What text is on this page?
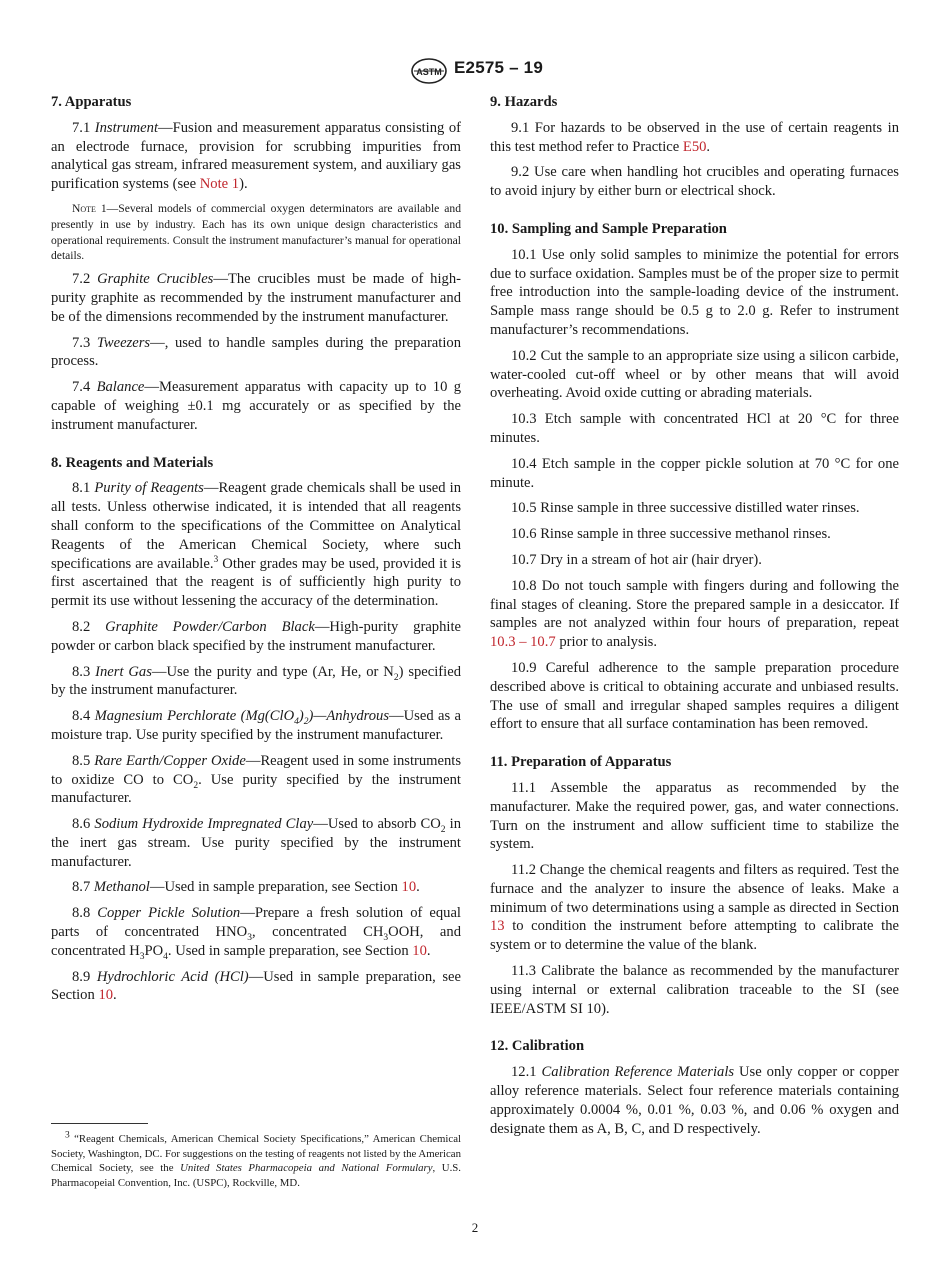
ASTM E2575 – 19
7. Apparatus

7.1 Instrument—Fusion and measurement apparatus consisting of an electrode furnace, provision for scrubbing impurities from analytical gas stream, infrared measurement system, and auxiliary gas purification systems (see Note 1).

Note 1—Several models of commercial oxygen determinators are available and presently in use by industry. Each has its own unique design characteristics and operational requirements. Consult the instrument manufacturer’s manual for operational details.

7.2 Graphite Crucibles—The crucibles must be made of high-purity graphite as recommended by the instrument manufacturer and be of the dimensions recommended by the instrument manufacturer.

7.3 Tweezers—, used to handle samples during the preparation process.

7.4 Balance—Measurement apparatus with capacity up to 10 g capable of weighing ±0.1 mg accurately or as specified by the instrument manufacturer.

8. Reagents and Materials

8.1 Purity of Reagents—Reagent grade chemicals shall be used in all tests. Unless otherwise indicated, it is intended that all reagents shall conform to the specifications of the Committee on Analytical Reagents of the American Chemical Society, where such specifications are available.$^3$ Other grades may be used, provided it is first ascertained that the reagent is of sufficiently high purity to permit its use without lessening the accuracy of the determination.

8.2 Graphite Powder/Carbon Black—High-purity graphite powder or carbon black specified by the instrument manufacturer.

8.3 Inert Gas—Use the purity and type (Ar, He, or $N_2$) specified by the instrument manufacturer.

8.4 Magnesium Perchlorate $(Mg(ClO_4)_2)—Anhydrous—Used$ as a moisture trap. Use purity specified by the instrument manufacturer.

8.5 Rare Earth/Copper Oxide—Reagent used in some instruments to oxidize CO to $CO_2$. Use purity specified by the instrument manufacturer.

8.6 Sodium Hydroxide Impregnated Clay—Used to absorb $CO_2$ in the inert gas stream. Use purity specified by the instrument manufacturer.

8.7 Methanol—Used in sample preparation, see Section 10.

8.8 Copper Pickle Solution—Prepare a fresh solution of equal parts of concentrated $HNO_3$, concentrated $CH_3OOH$, and concentrated $H_3PO_4$. Used in sample preparation, see Section 10.

8.9 Hydrochloric Acid (HCl)—Used in sample preparation, see Section 10.

$^3$ “Reagent Chemicals, American Chemical Society Specifications,” American Chemical Society, Washington, DC. For suggestions on the testing of reagents not listed by the American Chemical Society, see the United States Pharmacopeia and National Formulary, U.S. Pharmacopeial Convention, Inc. (USPC), Rockville, MD.
9. Hazards

9.1 For hazards to be observed in the use of certain reagents in this test method refer to Practice E50.

9.2 Use care when handling hot crucibles and operating furnaces to avoid injury by either burn or electrical shock.

10. Sampling and Sample Preparation

10.1 Use only solid samples to minimize the potential for errors due to surface oxidation. Samples must be of the proper size to permit free introduction into the sample-loading device of the instrument. Sample mass range should be 0.5 g to 2.0 g. Refer to instrument manufacturer’s recommendations.

10.2 Cut the sample to an appropriate size using a silicon carbide, water-cooled cut-off wheel or by other means that will avoid overheating. Avoid oxide cutting or abrading materials.

10.3 Etch sample with concentrated HCl at 20 °C for three minutes.

10.4 Etch sample in the copper pickle solution at 70 °C for one minute.

10.5 Rinse sample in three successive distilled water rinses.

10.6 Rinse sample in three successive methanol rinses.

10.7 Dry in a stream of hot air (hair dryer).

10.8 Do not touch sample with fingers during and following the final stages of cleaning. Store the prepared sample in a desiccator. If samples are not analyzed within four hours of preparation, repeat 10.3 – 10.7 prior to analysis.

10.9 Careful adherence to the sample preparation procedure described above is critical to obtaining accurate and unbiased results. The use of small and irregular shaped samples requires a diligent effort to ensure that all surface contamination has been removed.

11. Preparation of Apparatus

11.1 Assemble the apparatus as recommended by the manufacturer. Make the required power, gas, and water connections. Turn on the instrument and allow sufficient time to stabilize the system.

11.2 Change the chemical reagents and filters as required. Test the furnace and the analyzer to insure the absence of leaks. Make a minimum of two determinations using a sample as directed in Section 13 to condition the instrument before attempting to calibrate the system or to determine the value of the blank.

11.3 Calibrate the balance as recommended by the manufacturer using internal or external calibration traceable to the SI (see IEEE/ASTM SI 10).

12. Calibration

12.1 Calibration Reference Materials Use only copper or copper alloy reference materials. Select four reference materials containing approximately 0.0004 %, 0.01 %, 0.03 %, and 0.06 % oxygen and designate them as A, B, C, and D respectively.

2
